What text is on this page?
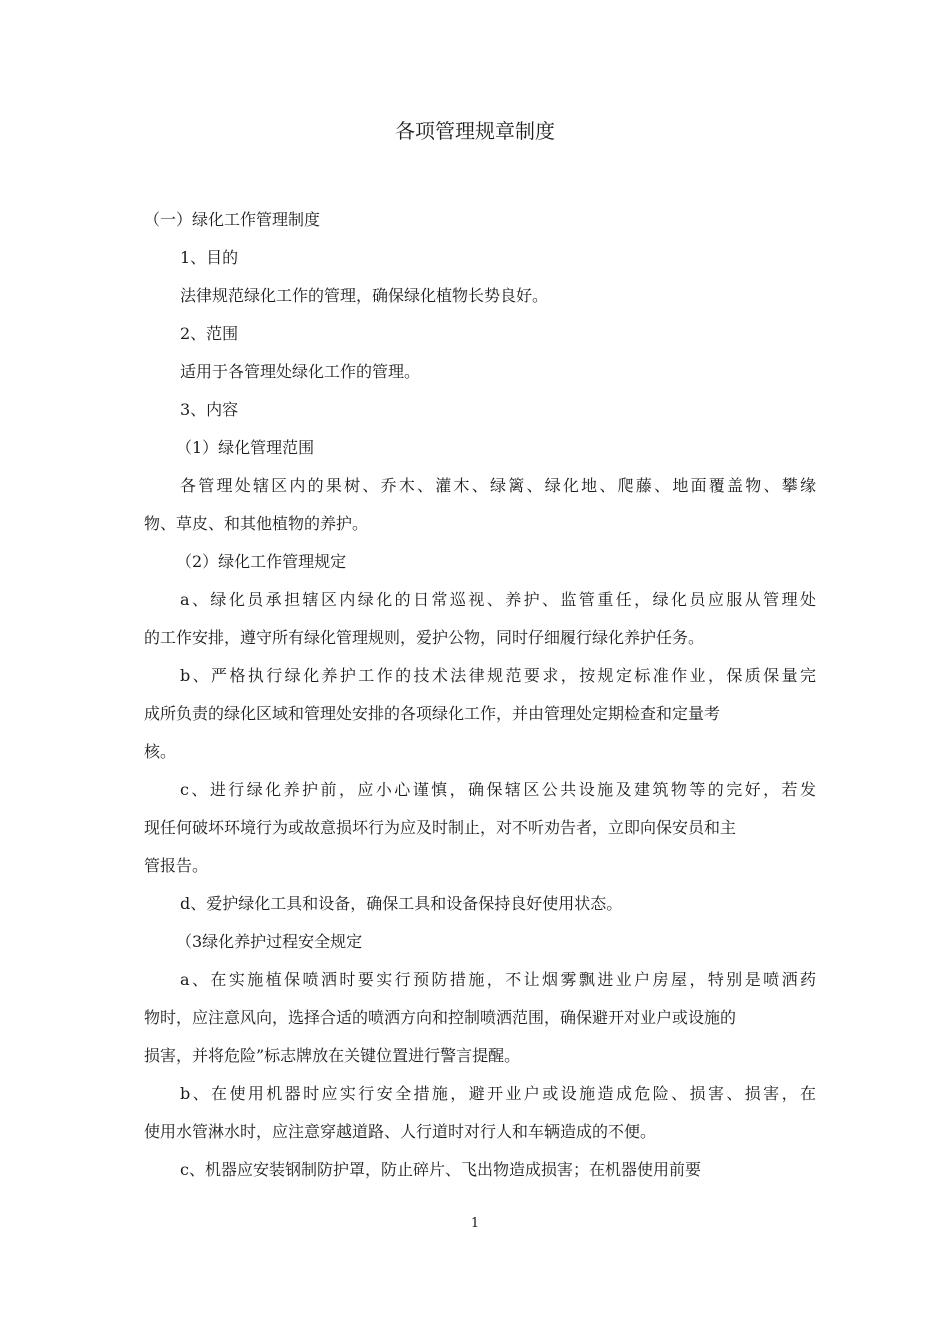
各项管理规章制度
（一）绿化工作管理制度
1、目的
法律规范绿化工作的管理，确保绿化植物长势良好。
2、范围
适用于各管理处绿化工作的管理。
3、内容
（1）绿化管理范围
各管理处辖区内的果树、乔木、灌木、绿篱、绿化地、爬藤、地面覆盖物、攀缘
物、草皮、和其他植物的养护。
（2）绿化工作管理规定
a、绿化员承担辖区内绿化的日常巡视、养护、监管重任，绿化员应服从管理处
的工作安排，遵守所有绿化管理规则，爱护公物，同时仔细履行绿化养护任务。
b、严格执行绿化养护工作的技术法律规范要求，按规定标准作业，保质保量完
成所负责的绿化区域和管理处安排的各项绿化工作，并由管理处定期检查和定量考
核。
c、进行绿化养护前，应小心谨慎，确保辖区公共设施及建筑物等的完好，若发
现任何破坏环境行为或故意损坏行为应及时制止，对不听劝告者，立即向保安员和主
管报告。
d、爱护绿化工具和设备，确保工具和设备保持良好使用状态。
（3绿化养护过程安全规定
a、在实施植保喷洒时要实行预防措施，不让烟雾飘进业户房屋，特别是喷洒药
物时，应注意风向，选择合适的喷洒方向和控制喷洒范围，确保避开对业户或设施的
损害，并将危险”标志牌放在关键位置进行警言提醒。
b、在使用机器时应实行安全措施，避开业户或设施造成危险、损害、损害，在
使用水管淋水时，应注意穿越道路、人行道时对行人和车辆造成的不便。
c、机器应安装钢制防护罩，防止碎片、飞出物造成损害；在机器使用前要
1
